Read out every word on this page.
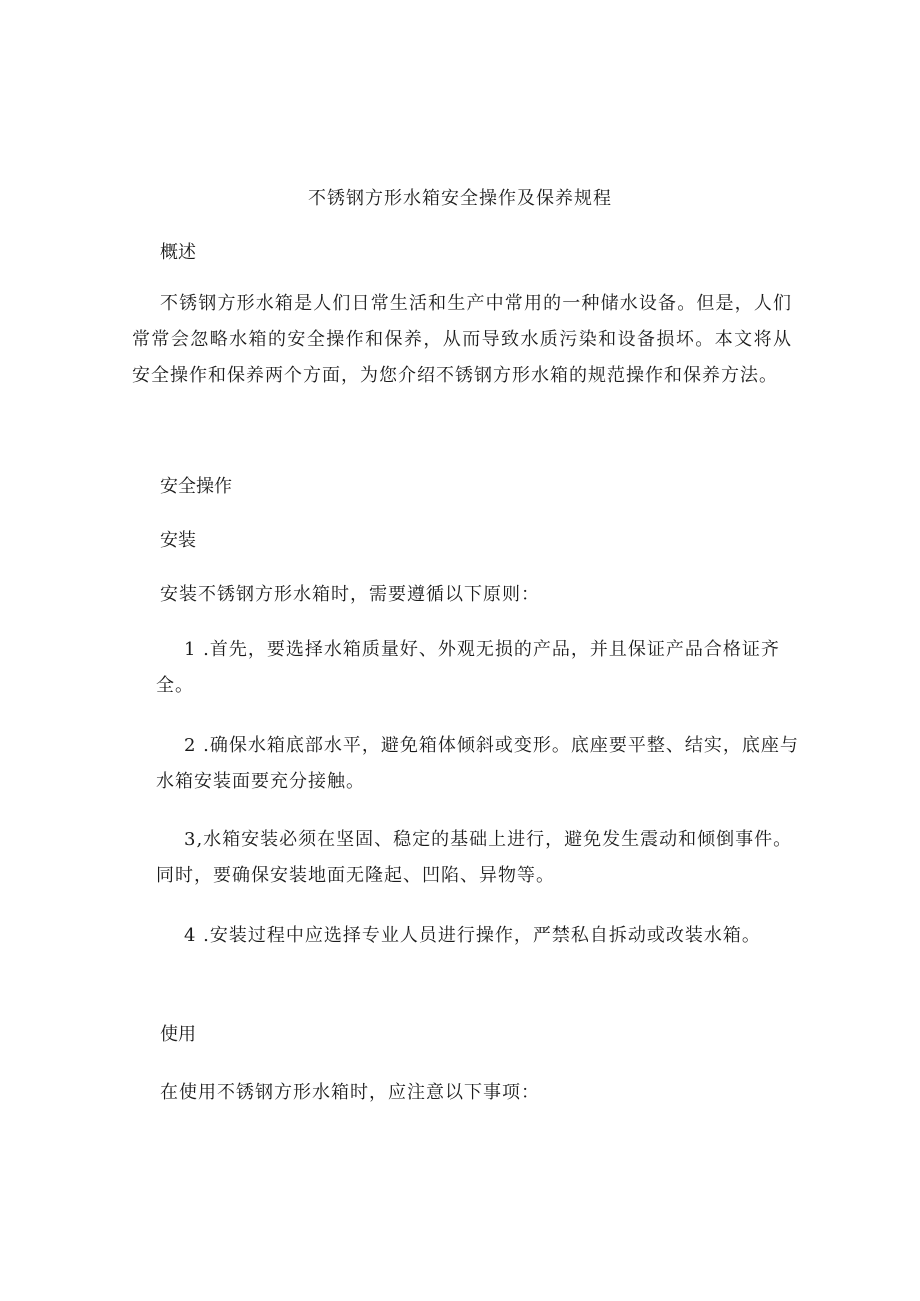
不锈钢方形水箱安全操作及保养规程
概述
不锈钢方形水箱是人们日常生活和生产中常用的一种储水设备。但是，人们常常会忽略水箱的安全操作和保养，从而导致水质污染和设备损坏。本文将从安全操作和保养两个方面，为您介绍不锈钢方形水箱的规范操作和保养方法。
安全操作
安装
安装不锈钢方形水箱时，需要遵循以下原则：
1 .首先，要选择水箱质量好、外观无损的产品，并且保证产品合格证齐全。
2 .确保水箱底部水平，避免箱体倾斜或变形。底座要平整、结实，底座与水箱安装面要充分接触。
3,水箱安装必须在坚固、稳定的基础上进行，避免发生震动和倾倒事件。同时，要确保安装地面无隆起、凹陷、异物等。
4 .安装过程中应选择专业人员进行操作，严禁私自拆动或改装水箱。
使用
在使用不锈钢方形水箱时，应注意以下事项：
